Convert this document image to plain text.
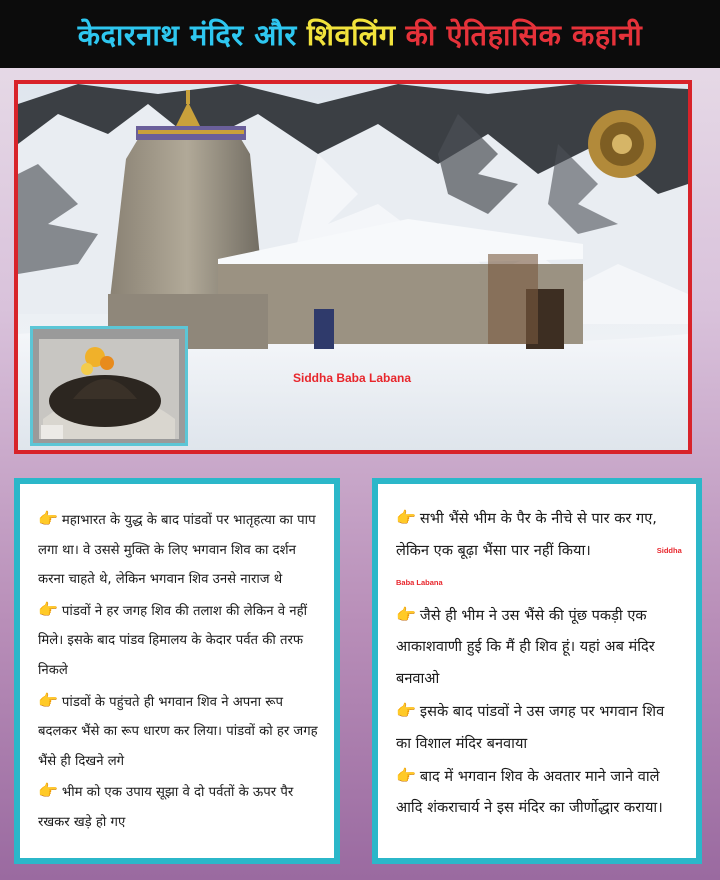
केदारनाथ मंदिर और शिवलिंग की ऐतिहासिक कहानी
Siddha Baba Labana
👉 महाभारत के युद्ध के बाद पांडवों पर भातृहत्या का पाप लगा था। वे उससे मुक्ति के लिए भगवान शिव का दर्शन करना चाहते थे, लेकिन भगवान शिव उनसे नाराज थे
👉 पांडवों ने हर जगह शिव की तलाश की लेकिन वे नहीं मिले। इसके बाद पांडव हिमालय के केदार पर्वत की तरफ निकले
👉 पांडवों के पहुंचते ही भगवान शिव ने अपना रूप बदलकर भैंसे का रूप धारण कर लिया। पांडवों को हर जगह भैंसे ही दिखने लगे
👉 भीम को एक उपाय सूझा वे दो पर्वतों के ऊपर पैर रखकर खड़े हो गए
👉 सभी भैंसे भीम के पैर के नीचे से पार कर गए, लेकिन एक बूढ़ा भैंसा पार नहीं किया।	Siddha Baba Labana
👉 जैसे ही भीम ने उस भैंसे की पूंछ पकड़ी एक आकाशवाणी हुई कि मैं ही शिव हूं। यहां अब मंदिर बनवाओ
👉 इसके बाद पांडवों ने उस जगह पर भगवान शिव का विशाल मंदिर बनवाया
👉 बाद में भगवान शिव के अवतार माने जाने वाले आदि शंकराचार्य ने इस मंदिर का जीर्णोद्धार कराया।
